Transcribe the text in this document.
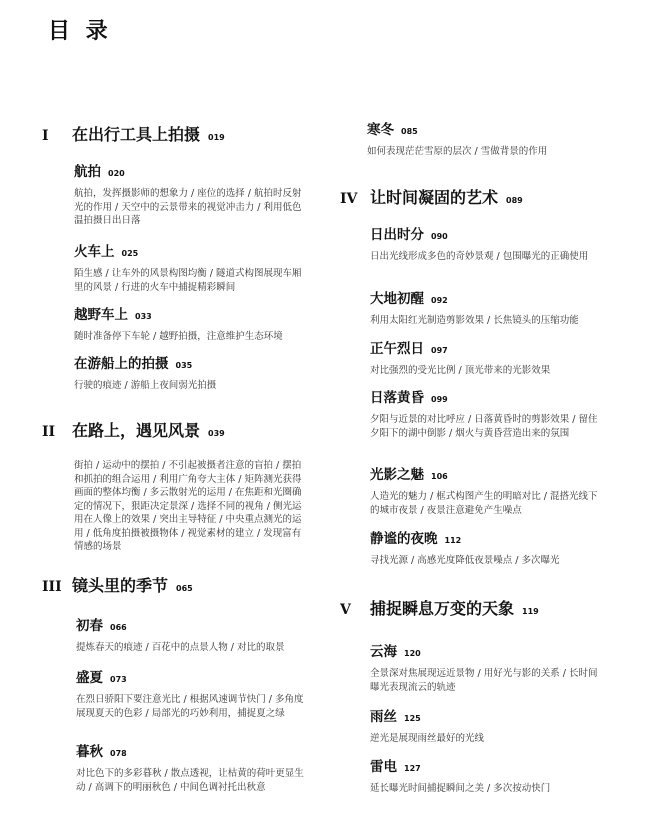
目 录
I	在出行工具上拍摄 019
航拍 020
航拍，发挥摄影师的想象力 / 座位的选择 / 航拍时反射光的作用 / 天空中的云景带来的视觉冲击力 / 利用低色温拍摄日出日落
火车上 025
陌生感 / 让车外的风景构图均衡 / 隧道式构图展现车厢里的风景 / 行进的火车中捕捉精彩瞬间
越野车上 033
随时准备停下车轮 / 越野拍摄，注意维护生态环境
在游船上的拍摄 035
行驶的痕迹 / 游船上夜间弱光拍摄
II	在路上，遇见风景 039
街拍 / 运动中的摆拍 / 不引起被摄者注意的盲拍 / 摆拍和抓拍的组合运用 / 利用广角夸大主体 / 矩阵测光获得画面的整体均衡 / 多云散射光的运用 / 在焦距和光圈确定的情况下，狠距决定景深 / 选择不同的视角 / 侧光运用在人像上的效果 / 突出主导特征 / 中央重点测光的运用 / 低角度拍摄被摄物体 / 视觉素材的建立 / 发现富有情感的场景
III 镜头里的季节 065
初春 066
提炼春天的痕迹 / 百花中的点景人物 / 对比的取景
盛夏 073
在烈日骄阳下要注意光比 / 根据风速调节快门 / 多角度展现夏天的色彩 / 局部光的巧妙利用，捕捉夏之绿
暮秋 078
对比色下的多彩暮秋 / 散点透视，让枯黄的荷叶更显生动 / 高调下的明丽秋色 / 中间色调衬托出秋意
寒冬 085
如何表现茫茫雪原的层次 / 雪做背景的作用
IV 让时间凝固的艺术 089
日出时分 090
日出光线形成多色的奇妙景观 / 包围曝光的正确使用
大地初醒 092
利用太阳红光制造剪影效果 / 长焦镜头的压缩功能
正午烈日 097
对比强烈的受光比例 / 顶光带来的光影效果
日落黄昏 099
夕阳与近景的对比呼应 / 日落黄昏时的剪影效果 / 留住夕阳下的湖中倒影 / 烟火与黄昏营造出来的氛围
光影之魅 106
人造光的魅力 / 框式构图产生的明暗对比 / 混搭光线下的城市夜景 / 夜景注意避免产生噪点
静谧的夜晚 112
寻找光源 / 高感光度降低夜景噪点 / 多次曝光
V	捕捉瞬息万变的天象 119
云海 120
全景深对焦展现远近景物 / 用好光与影的关系 / 长时间曝光表现流云的轨迹
雨丝 125
逆光是展现雨丝最好的光线
雷电 127
延长曝光时间捕捉瞬间之美 / 多次按动快门
